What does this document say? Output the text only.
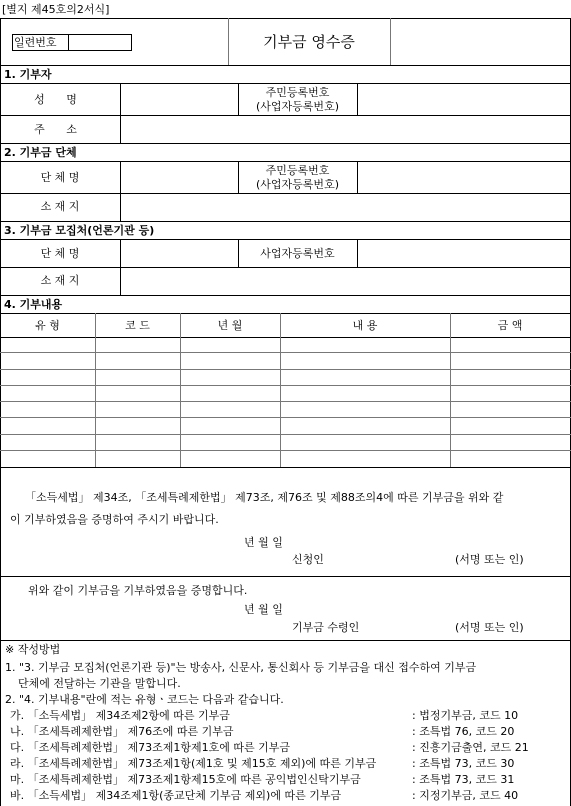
[별지 제45호의2서식]
일련번호	기부금 영수증
1. 기부자
성 명
주민등록번호
(사업자등록번호)
주 소
2. 기부금 단체
단 체 명
주민등록번호
(사업자등록번호)
소 재 지
3. 기부금 모집처(언론기관 등)
단 체 명	사업자등록번호
소 재 지
4. 기부내용
유 형	코 드	년 월	내 용	금 액
「소득세법」 제34조, 「조세특례제한법」 제73조, 제76조 및 제88조의4에 따른 기부금을 위와 같
이 기부하였음을 증명하여 주시기 바랍니다.
년 월 일
신청인	(서명 또는 인)
위와 같이 기부금을 기부하였음을 증명합니다.
년 월 일
기부금 수령인	(서명 또는 인)
※ 작성방법
1. "3. 기부금 모집처(언론기관 등)"는 방송사, 신문사, 통신회사 등 기부금을 대신 접수하여 기부금
단체에 전달하는 기관을 말합니다.
2. "4. 기부내용"란에 적는 유형ㆍ코드는 다음과 같습니다.
가. 「소득세법」 제34조제2항에 따른 기부금	: 법정기부금, 코드 10
나. 「조세특례제한법」 제76조에 따른 기부금	: 조특법 76, 코드 20
다. 「조세특례제한법」 제73조제1항제1호에 따른 기부금	: 진흥기금출연, 코드 21
라. 「조세특례제한법」 제73조제1항(제1호 및 제15호 제외)에 따른 기부금	: 조특법 73, 코드 30
마. 「조세특례제한법」 제73조제1항제15호에 따른 공익법인신탁기부금	: 조특법 73, 코드 31
바. 「소득세법」 제34조제1항(종교단체 기부금 제외)에 따른 기부금	: 지정기부금, 코드 40
